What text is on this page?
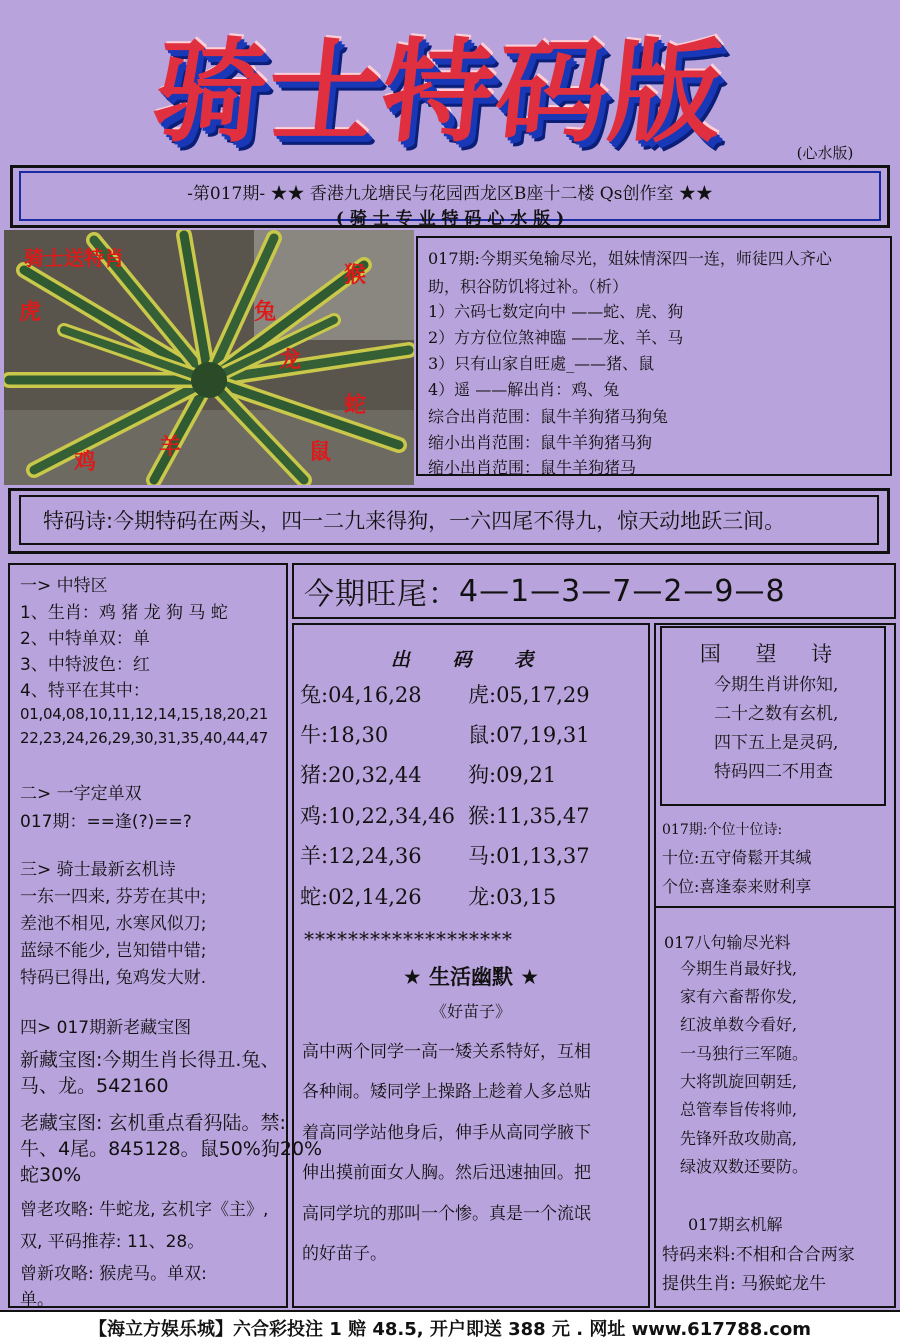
骑士特码版	(心水版)
-第017期- ★★ 香港九龙塘民与花园西龙区B座十二楼 Qs创作室 ★★
( 骑 士 专 业 特 码 心 水 版 )
骑士送特肖
猴
虎	兔
龙
蛇
鼠
羊
鸡
017期:今期买兔输尽光，姐妹情深四一连，师徒四人齐心
助，积谷防饥将过补。（析）
1）六码七数定向中 ——蛇、虎、狗
2）方方位位煞神臨 ——龙、羊、马
3）只有山家自旺處_——猪、鼠
4）遥 ——解出肖：鸡、兔
综合出肖范围：鼠牛羊狗猪马狗兔
缩小出肖范围：鼠牛羊狗猪马狗
缩小出肖范围：鼠牛羊狗猪马
特码诗:今期特码在两头，四一二九来得狗，一六四尾不得九，惊天动地跃三间。
一> 中特区
1、生肖：鸡 猪 龙 狗 马 蛇
2、中特单双：单
3、中特波色：红
4、特平在其中：
01,04,08,10,11,12,14,15,18,20,21
22,23,24,26,29,30,31,35,40,44,47
二> 一字定单双
017期：==逢(?)==?
三> 骑士最新玄机诗
一东一四来, 芬芳在其中;
差池不相见, 水寒风似刀;
蓝绿不能少, 岂知错中错;
特码已得出, 兔鸡发大财.
四> 017期新老藏宝图
新藏宝图:今期生肖长得丑.兔、
马、龙。542160
老藏宝图: 玄机重点看犸陆。禁:
牛、4尾。845128。鼠50%狗20%
蛇30%
曾老攻略: 牛蛇龙, 玄机字《主》,
双, 平码推荐: 11、28。
曾新攻略: 猴虎马。单双:
单。
今期旺尾： 4—1—3—7—2—9—8
出 码 表
兔:04,16,28 虎:05,17,29
牛:18,30	鼠:07,19,31
猪:20,32,44 狗:09,21
鸡:10,22,34,46 猴:11,35,47
羊:12,24,36 马:01,13,37
蛇:02,14,26 龙:03,15
*******************
★ 生活幽默 ★
《好苗子》
高中两个同学一高一矮关系特好，互相
各种闹。矮同学上操路上趁着人多总贴
着高同学站他身后，伸手从高同学腋下
伸出摸前面女人胸。然后迅速抽回。把
高同学坑的那叫一个惨。真是一个流氓
的好苗子。
国 望 诗
今期生肖讲你知,
二十之数有玄机,
四下五上是灵码,
特码四二不用查
017期:个位十位诗:
十位:五守倚鬆开其缄
个位:喜逢泰来财利享
017八句输尽光料
今期生肖最好找,
家有六畜帮你发,
红波单数今看好,
一马独行三军随。
大将凯旋回朝廷,
总管奉旨传将帅,
先锋歼敌攻勋高,
绿波双数还要防。
017期玄机解
特码来料:不相和合合两家
提供生肖: 马猴蛇龙牛
【海立方娱乐城】六合彩投注 1 赔 48.5, 开户即送 388 元 . 网址 www.617788.com
